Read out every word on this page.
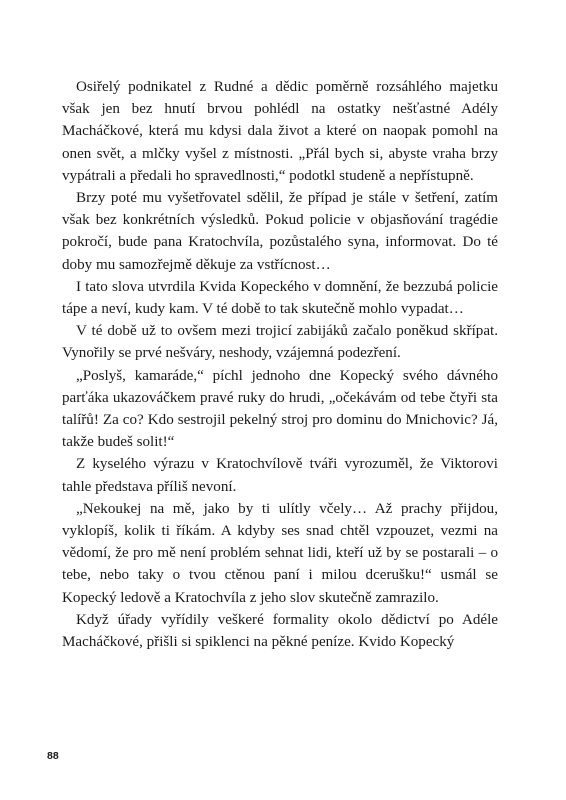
Osiřelý podnikatel z Rudné a dědic poměrně rozsáhlého majetku však jen bez hnutí brvou pohlédl na ostatky nešťastné Adély Macháčkové, která mu kdysi dala život a které on naopak pomohl na onen svět, a mlčky vyšel z místnosti. „Přál bych si, abyste vraha brzy vypátrali a předali ho spravedlnosti,“ podotkl studeně a nepřístupně.

Brzy poté mu vyšetřovatel sdělil, že případ je stále v šetření, zatím však bez konkrétních výsledků. Pokud policie v objasňování tragédie pokročí, bude pana Kratochvíla, pozůstalého syna, informovat. Do té doby mu samozřejmě děkuje za vstřícnost…

I tato slova utvrdila Kvida Kopeckého v domnění, že bezzubá policie tápe a neví, kudy kam. V té době to tak skutečně mohlo vypadat…

V té době už to ovšem mezi trojicí zabijáků začalo poněkud skřípat. Vynořily se prvé nešváry, neshody, vzájemná podezření.

„Poslyš, kamaráde,“ píchl jednoho dne Kopecký svého dávného parťáka ukazováčkem pravé ruky do hrudi, „očekávám od tebe čtyři sta talířů! Za co? Kdo sestrojil pekelný stroj pro dominu do Mnichovic? Já, takže budeš solit!“

Z kyselého výrazu v Kratochvílově tváři vyrozuměl, že Viktorovi tahle představa příliš nevoní.

„Nekoukej na mě, jako by ti ulítly včely… Až prachy přijdou, vyklopíš, kolik ti říkám. A kdyby ses snad chtěl vzpouzet, vezmi na vědomí, že pro mě není problém sehnat lidi, kteří už by se postarali – o tebe, nebo taky o tvou ctěnou paní i milou dcerušku!“ usmál se Kopecký ledově a Kratochvíla z jeho slov skutečně zamrazilo.

Když úřady vyřídily veškeré formality okolo dědictví po Adéle Macháčkové, přišli si spiklenci na pěkné peníze. Kvido Kopecký

88
